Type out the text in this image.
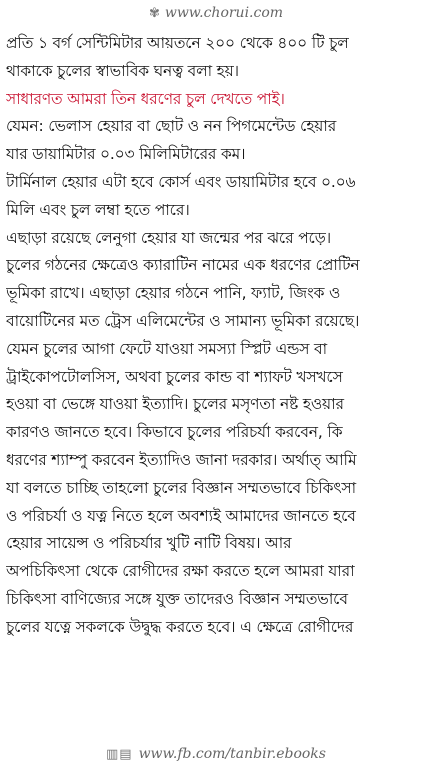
✾ www.chorui.com
প্রতি ১ বর্গ সেন্টিমিটার আয়তনে ২০০ থেকে ৪০০ টি চুল
থাকাকে চুলের স্বাভাবিক ঘনত্ব বলা হয়।
সাধারণত আমরা তিন ধরণের চুল দেখতে পাই।
যেমন: ভেলাস হেয়ার বা ছোট ও নন পিগমেন্টেড হেয়ার
যার ডায়ামিটার ০.০৩ মিলিমিটারের কম।
টার্মিনাল হেয়ার এটা হবে কোর্স এবং ডায়ামিটার হবে ০.০৬
মিলি এবং চুল লম্বা হতে পারে।
এছাড়া রয়েছে লেনুগা হেয়ার যা জন্মের পর ঝরে পড়ে।
চুলের গঠনের ক্ষেত্রেও ক্যারাটিন নামের এক ধরণের প্রোটিন
ভূমিকা রাখে। এছাড়া হেয়ার গঠনে পানি, ফ্যাট, জিংক ও
বায়োটিনের মত ট্রেস এলিমেন্টের ও সামান্য ভূমিকা রয়েছে।
যেমন চুলের আগা ফেটে যাওয়া সমস্যা স্প্লিট এন্ডস বা
ট্রাইকোপটোলসিস, অথবা চুলের কান্ড বা শ্যাফট খসখসে
হওয়া বা ভেঙ্গে যাওয়া ইত্যাদি। চুলের মসৃণতা নষ্ট হওয়ার
কারণও জানতে হবে। কিভাবে চুলের পরিচর্যা করবেন, কি
ধরণের শ্যাম্পু করবেন ইত্যাদিও জানা দরকার। অর্থাত্‍ আমি
যা বলতে চাচ্ছি তাহলো চুলের বিজ্ঞান সম্মতভাবে চিকিৎসা
ও পরিচর্যা ও যত্ন নিতে হলে অবশ্যই আমাদের জানতে হবে
হেয়ার সায়েন্স ও পরিচর্যার খুটি নাটি বিষয়। আর
অপচিকিৎসা থেকে রোগীদের রক্ষা করতে হলে আমরা যারা
চিকিৎসা বাণিজ্যের সঙ্গে যুক্ত তাদেরও বিজ্ঞান সম্মতভাবে
চুলের যত্নে সকলকে উদ্বুদ্ধ করতে হবে। এ ক্ষেত্রে রোগীদের
▥▤ www.fb.com/tanbir.ebooks
